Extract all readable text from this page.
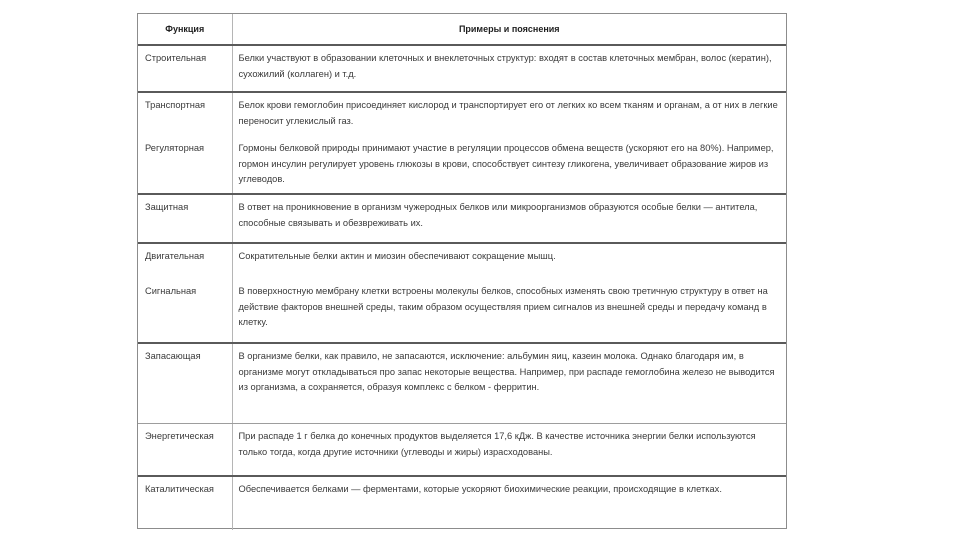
Функция	Примеры и пояснения
Строительная	Белки участвуют в образовании клеточных и внеклеточных структур: входят в состав клеточных мембран, волос (кератин), сухожилий (коллаген) и т.д.
Транспортная	Белок крови гемоглобин присоединяет кислород и транспортирует его от легких ко всем тканям и органам, а от них в легкие переносит углекислый газ.
Регуляторная	Гормоны белковой природы принимают участие в регуляции процессов обмена веществ (ускоряют его на 80%). Например, гормон инсулин регулирует уровень глюкозы в крови, способствует синтезу гликогена, увеличивает образование жиров из углеводов.
Защитная	В ответ на проникновение в организм чужеродных белков или микроорганизмов образуются особые белки — антитела, способные связывать и обезвреживать их.
Двигательная	Сократительные белки актин и миозин обеспечивают сокращение мышц.
Сигнальная	В поверхностную мембрану клетки встроены молекулы белков, способных изменять свою третичную структуру в ответ на действие факторов внешней среды, таким образом осуществляя прием сигналов из внешней среды и передачу команд в клетку.
Запасающая	В организме белки, как правило, не запасаются, исключение: альбумин яиц, казеин молока. Однако благодаря им, в организме могут откладываться про запас некоторые вещества. Например, при распаде гемоглобина железо не выводится из организма, а сохраняется, образуя комплекс с белком - ферритин.
Энергетическая	При распаде 1 г белка до конечных продуктов выделяется 17,6 кДж. В качестве источника энергии белки используются только тогда, когда другие источники (углеводы и жиры) израсходованы.
Каталитическая	Обеспечивается белками — ферментами, которые ускоряют биохимические реакции, происходящие в клетках.
